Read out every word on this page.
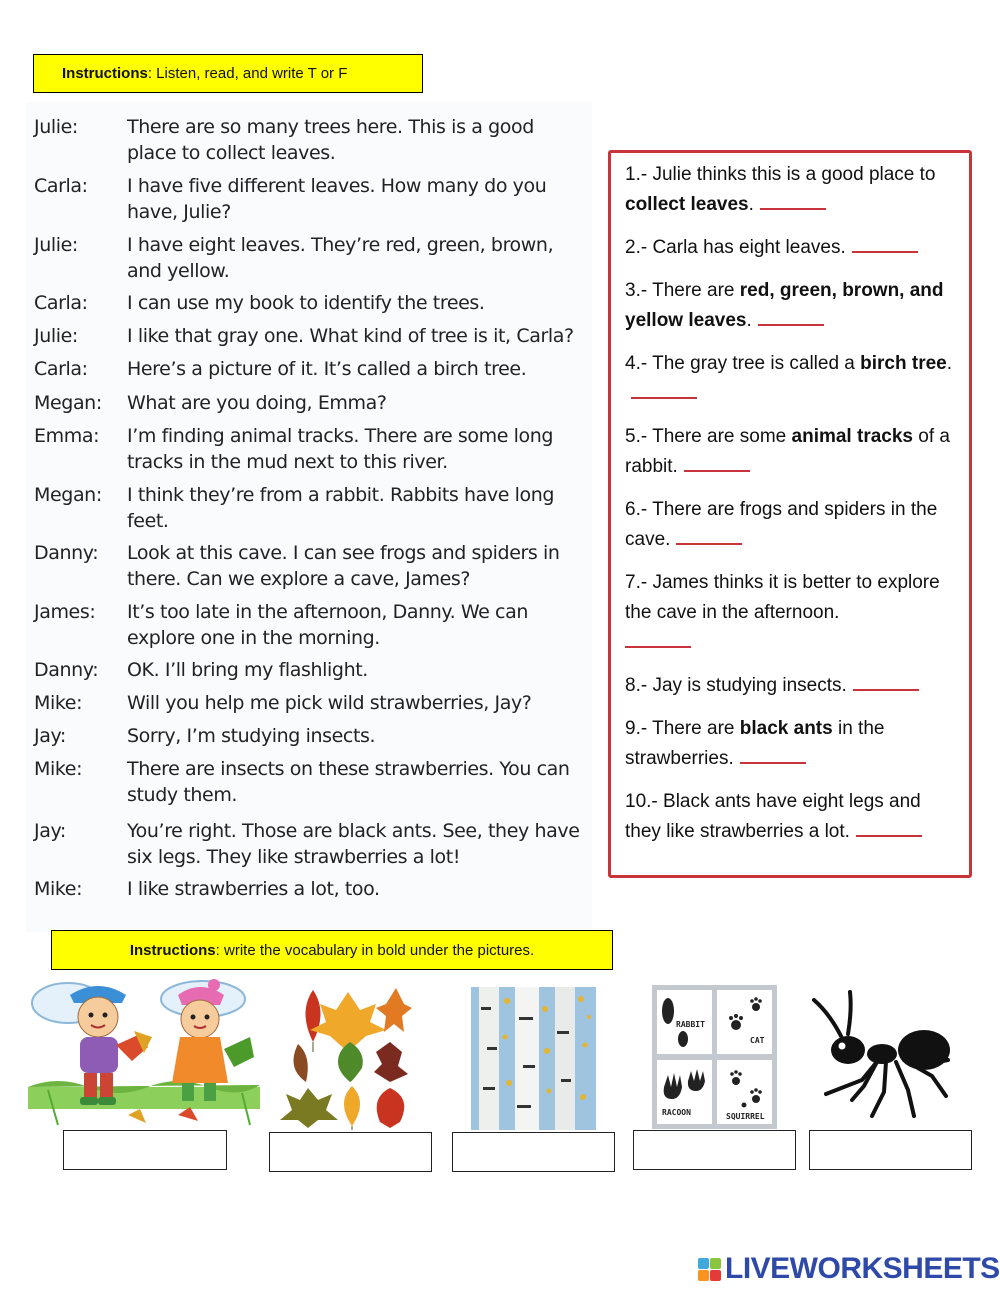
Instructions : Listen, read, and write T or F
Julie:	There are so many trees here. This is a good place to collect leaves.
Carla:	I have five different leaves. How many do you have, Julie?
Julie:	I have eight leaves. They’re red, green, brown, and yellow.
Carla:	I can use my book to identify the trees.
Julie:	I like that gray one. What kind of tree is it, Carla?
Carla:	Here’s a picture of it. It’s called a birch tree.
Megan:	What are you doing, Emma?
Emma:	I’m finding animal tracks. There are some long tracks in the mud next to this river.
Megan:	I think they’re from a rabbit. Rabbits have long feet.
Danny:	Look at this cave. I can see frogs and spiders in there. Can we explore a cave, James?
James:	It’s too late in the afternoon, Danny. We can explore one in the morning.
Danny:	OK. I’ll bring my flashlight.
Mike:	Will you help me pick wild strawberries, Jay?
Jay:	Sorry, I’m studying insects.
Mike:	There are insects on these strawberries. You can study them.
Jay:	You’re right. Those are black ants. See, they have six legs. They like strawberries a lot!
Mike:	I like strawberries a lot, too.
1.- Julie thinks this is a good place to collect leaves.
2.- Carla has eight leaves.
3.- There are red, green, brown, and yellow leaves.
4.- The gray tree is called a birch tree.
5.- There are some animal tracks of a rabbit.
6.- There are frogs and spiders in the cave.
7.- James thinks it is better to explore the cave in the afternoon.

8.- Jay is studying insects.
9.- There are black ants in the strawberries.
10.- Black ants have eight legs and they like strawberries a lot.
Instructions : write the vocabulary in bold under the pictures.
RABBIT
CAT
RACOON	SQUIRREL
LIVEWORKSHEETS
